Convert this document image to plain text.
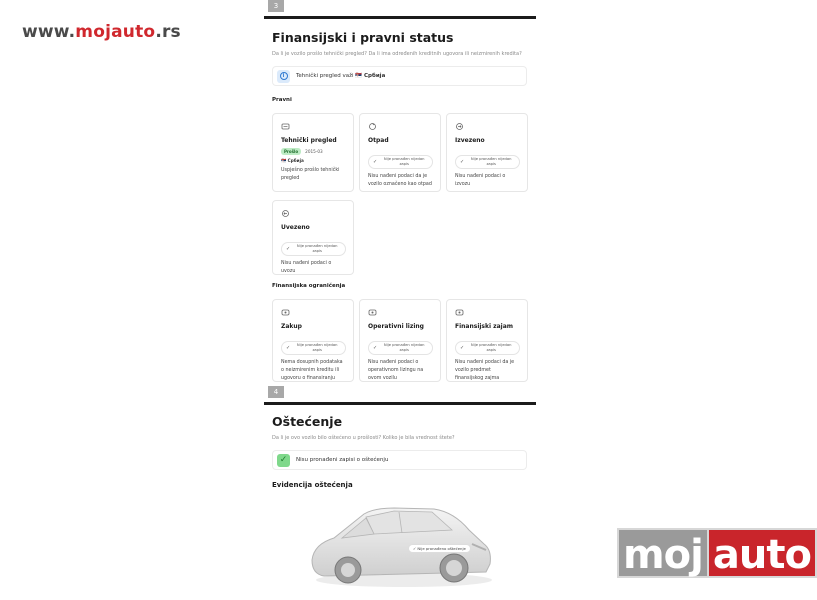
www.mojauto.rs
moj auto
3
Finansijski i pravni status
Da li je vozilo prošlo tehnički pregled? Da li ima određenih kreditnih ugovora ili neizmirenih kredita?
i	Tehnički pregled važi 🇷🇸 Србија
Pravni
Tehnički pregled
Prošlo	2015-03
🇷🇸 Србија
Uspješno prošlo tehnički pregled
Otpad
✓	Nije pronađen nijedan zapis
Nisu nađeni podaci da je vozilo označeno kao otpad
Izvezeno
✓	Nije pronađen nijedan zapis
Nisu nađeni podaci o izvozu
Uvezeno
✓	Nije pronađen nijedan zapis
Nisu nađeni podaci o uvozu
Finansijska ograničenja
Zakup
✓	Nije pronađen nijedan zapis
Nema dosupnih podataka o neizmirenim kreditu ili ugovoru o finansiranju
Operativni lizing
✓	Nije pronađen nijedan zapis
Nisu nađeni podaci o operativnom lizingu na ovom vozilu
Finansijski zajam
✓	Nije pronađen nijedan zapis
Nisu nađeni podaci da je vozilo predmet finansijskog zajma
4
Oštećenje
Da li je ovo vozilo bilo oštećeno u prošlosti? Koliko je bila vrednost štete?
✓	Nisu pronađeni zapisi o oštećenju
Evidencija oštećenja
✓ Nije pronađeno oštećenje
